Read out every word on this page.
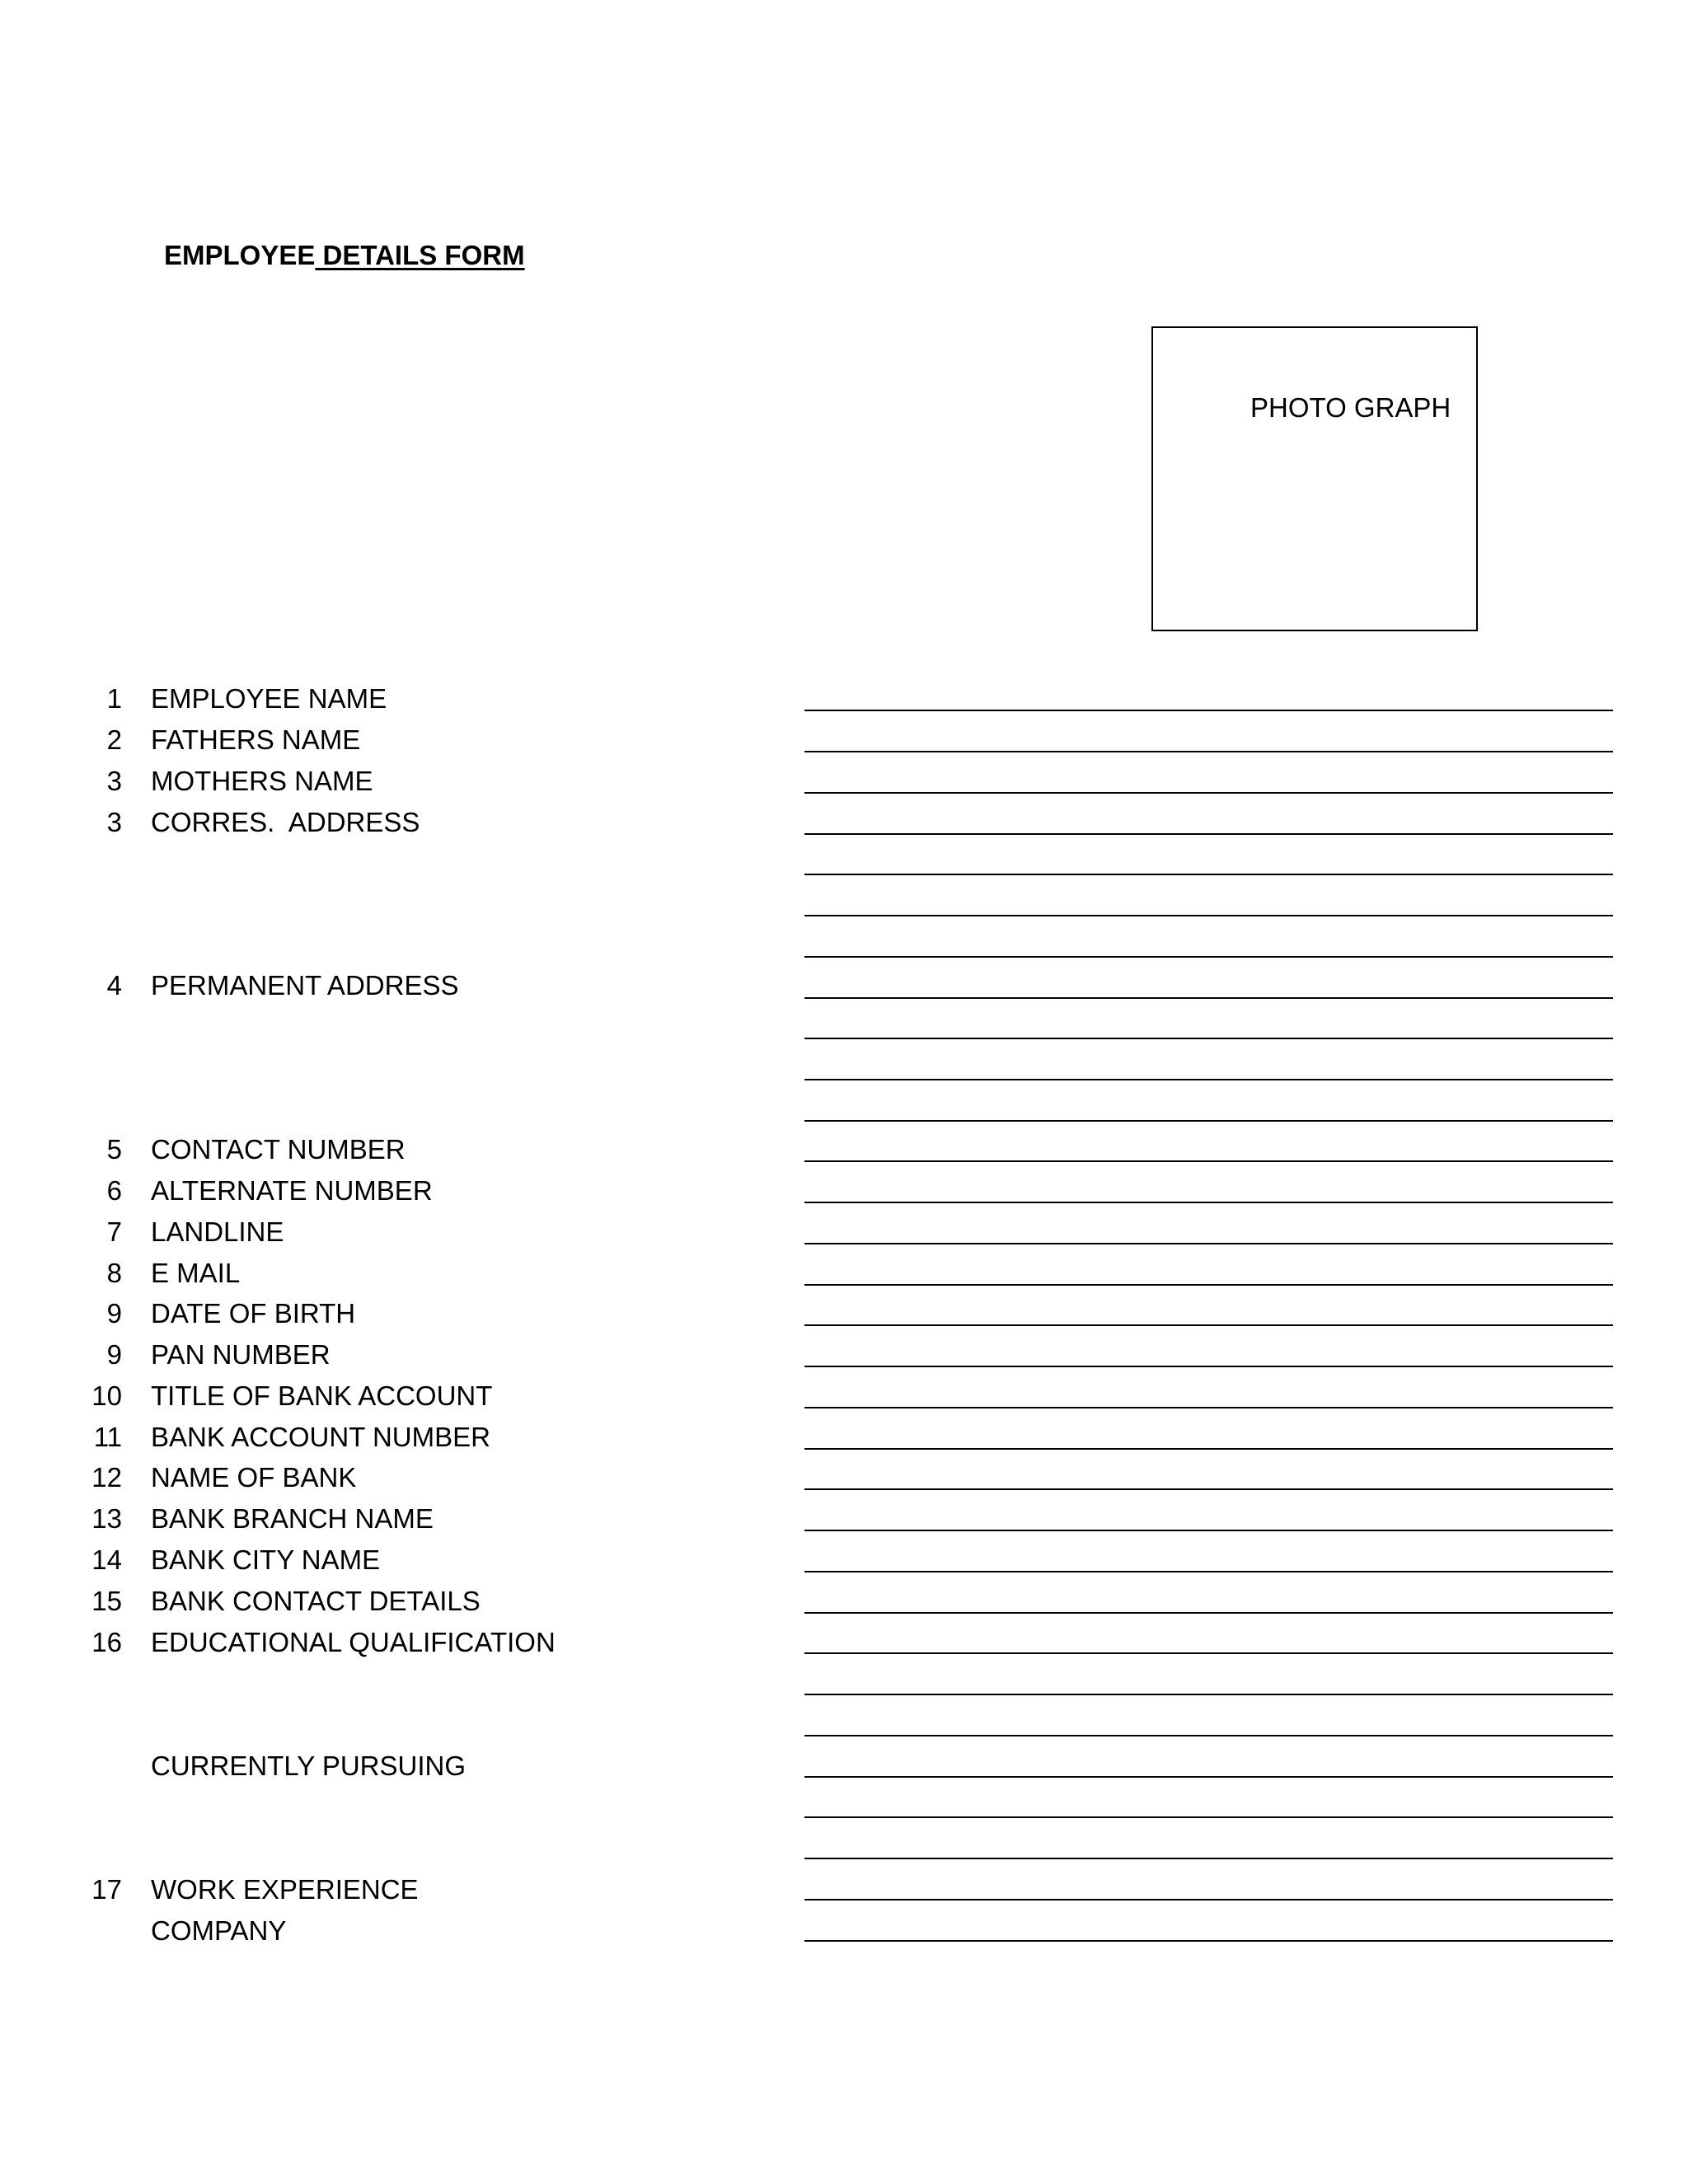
EMPLOYEE DETAILS FORM
PHOTO GRAPH
1 EMPLOYEE NAME
2 FATHERS NAME
3 MOTHERS NAME
3 CORRES.  ADDRESS
4 PERMANENT ADDRESS
5 CONTACT NUMBER
6 ALTERNATE NUMBER
7 LANDLINE
8 E MAIL
9 DATE OF BIRTH
9 PAN NUMBER
10 TITLE OF BANK ACCOUNT
11 BANK ACCOUNT NUMBER
12 NAME OF BANK
13 BANK BRANCH NAME
14 BANK CITY NAME
15 BANK CONTACT DETAILS
16 EDUCATIONAL QUALIFICATION
CURRENTLY PURSUING
17 WORK EXPERIENCE
COMPANY
